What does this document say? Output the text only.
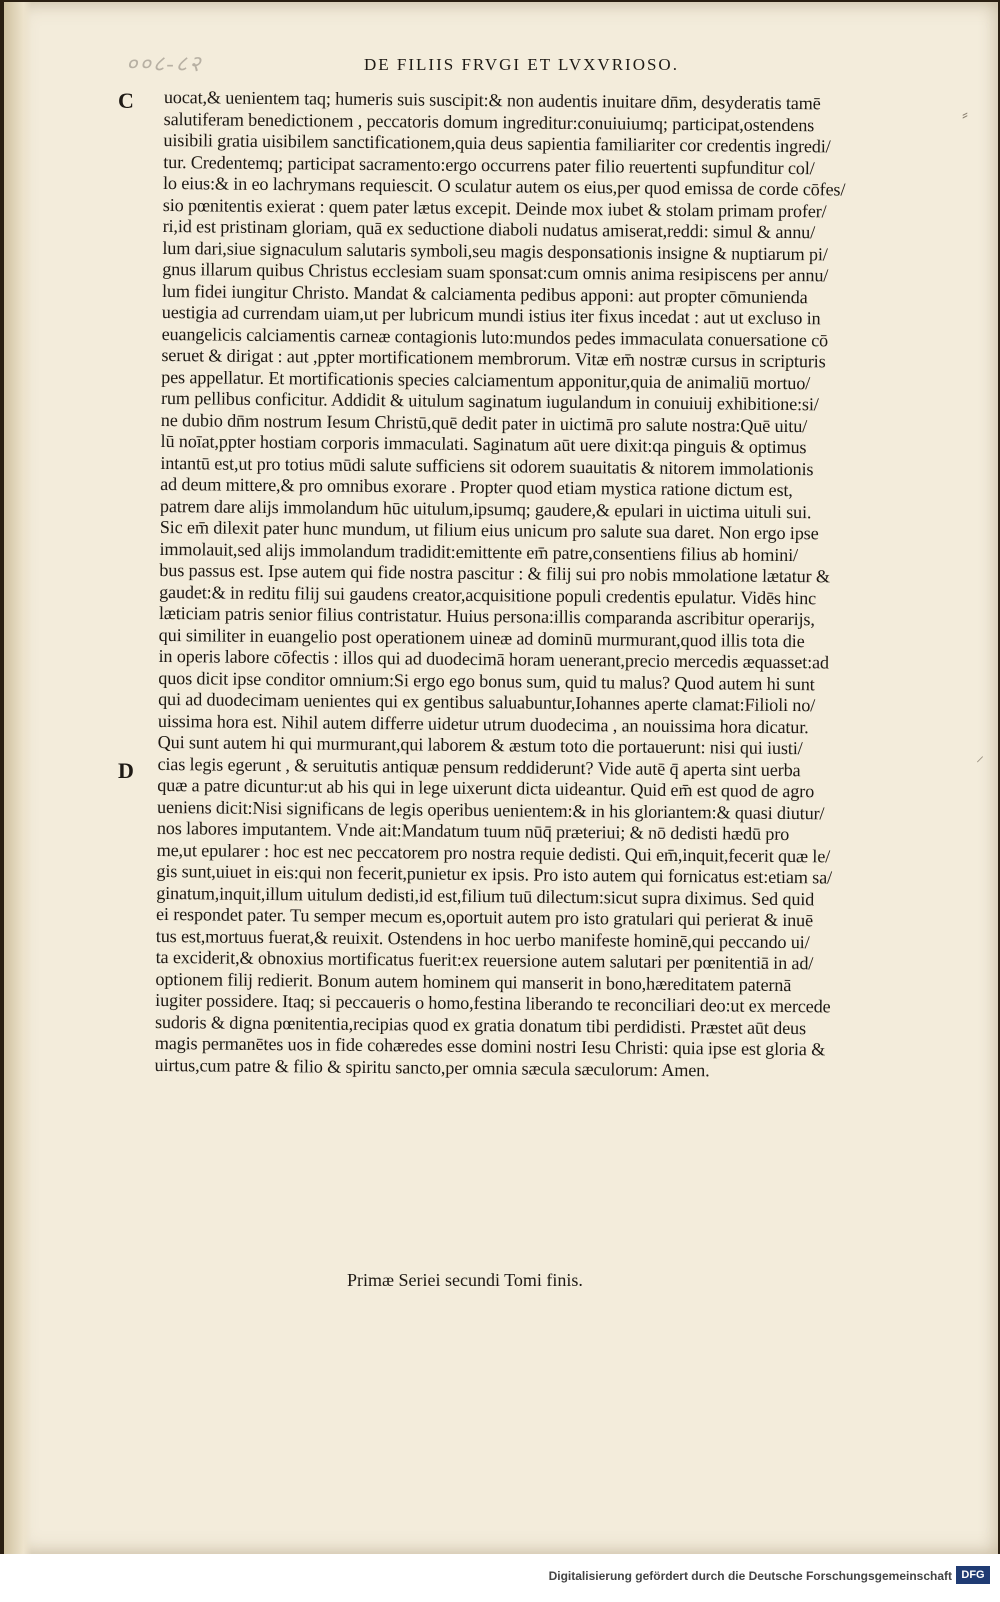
००८-८२	DE FILIIS FRVGI ET LVXVRIOSO.
C
D
⸗
⸝
uocat,& uenientem taq; humeris suis suscipit:& non audentis inuitare dn̄m, desyderatis tamē
salutiferam benedictionem , peccatoris domum ingreditur:conuiuiumq; participat,ostendens
uisibili gratia uisibilem sanctificationem,quia deus sapientia familiariter cor credentis ingredi/
tur. Credentemq; participat sacramento:ergo occurrens pater filio reuertenti supfunditur col/
lo eius:& in eo lachrymans requiescit. O sculatur autem os eius,per quod emissa de corde cōfes/
sio pœnitentis exierat : quem pater lætus excepit. Deinde mox iubet & stolam primam profer/
ri,id est pristinam gloriam, quā ex seductione diaboli nudatus amiserat,reddi: simul & annu/
lum dari,siue signaculum salutaris symboli,seu magis desponsationis insigne & nuptiarum pi/
gnus illarum quibus Christus ecclesiam suam sponsat:cum omnis anima resipiscens per annu/
lum fidei iungitur Christo. Mandat & calciamenta pedibus apponi: aut propter cōmunienda
uestigia ad currendam uiam,ut per lubricum mundi istius iter fixus incedat : aut ut excluso in
euangelicis calciamentis carneæ contagionis luto:mundos pedes immaculata conuersatione cō
seruet & dirigat : aut ,ppter mortificationem membrorum. Vitæ em̄ nostræ cursus in scripturis
pes appellatur. Et mortificationis species calciamentum apponitur,quia de animaliū mortuo/
rum pellibus conficitur. Addidit & uitulum saginatum iugulandum in conuiuij exhibitione:si/
ne dubio dn̄m nostrum Iesum Christū,quē dedit pater in uictimā pro salute nostra:Quē uitu/
lū noīat,ppter hostiam corporis immaculati. Saginatum aūt uere dixit:qa pinguis & optimus
intantū est,ut pro totius mūdi salute sufficiens sit odorem suauitatis & nitorem immolationis
ad deum mittere,& pro omnibus exorare . Propter quod etiam mystica ratione dictum est,
patrem dare alijs immolandum hūc uitulum,ipsumq; gaudere,& epulari in uictima uituli sui.
Sic em̄ dilexit pater hunc mundum, ut filium eius unicum pro salute sua daret. Non ergo ipse
immolauit,sed alijs immolandum tradidit:emittente em̄ patre,consentiens filius ab homini/
bus passus est. Ipse autem qui fide nostra pascitur : & filij sui pro nobis mmolatione lætatur &
gaudet:& in reditu filij sui gaudens creator,acquisitione populi credentis epulatur. Vidēs hinc
læticiam patris senior filius contristatur. Huius persona:illis comparanda ascribitur operarijs,
qui similiter in euangelio post operationem uineæ ad dominū murmurant,quod illis tota die
in operis labore cōfectis : illos qui ad duodecimā horam uenerant,precio mercedis æquasset:ad
quos dicit ipse conditor omnium:Si ergo ego bonus sum, quid tu malus? Quod autem hi sunt
qui ad duodecimam uenientes qui ex gentibus saluabuntur,Iohannes aperte clamat:Filioli no/
uissima hora est. Nihil autem differre uidetur utrum duodecima , an nouissima hora dicatur.
Qui sunt autem hi qui murmurant,qui laborem & æstum toto die portauerunt: nisi qui iusti/
cias legis egerunt , & seruitutis antiquæ pensum reddiderunt? Vide autē q̄ aperta sint uerba
quæ a patre dicuntur:ut ab his qui in lege uixerunt dicta uideantur. Quid em̄ est quod de agro
ueniens dicit:Nisi significans de legis operibus uenientem:& in his gloriantem:& quasi diutur/
nos labores imputantem. Vnde ait:Mandatum tuum nūq̄ præteriui; & nō dedisti hædū pro
me,ut epularer : hoc est nec peccatorem pro nostra requie dedisti. Qui em̄,inquit,fecerit quæ le/
gis sunt,uiuet in eis:qui non fecerit,punietur ex ipsis. Pro isto autem qui fornicatus est:etiam sa/
ginatum,inquit,illum uitulum dedisti,id est,filium tuū dilectum:sicut supra diximus. Sed quid
ei respondet pater. Tu semper mecum es,oportuit autem pro isto gratulari qui perierat & inuē
tus est,mortuus fuerat,& reuixit. Ostendens in hoc uerbo manifeste hominē,qui peccando ui/
ta exciderit,& obnoxius mortificatus fuerit:ex reuersione autem salutari per pœnitentiā in ad/
optionem filij redierit. Bonum autem hominem qui manserit in bono,hæreditatem paternā
iugiter possidere. Itaq; si peccaueris o homo,festina liberando te reconciliari deo:ut ex mercede
sudoris & digna pœnitentia,recipias quod ex gratia donatum tibi perdidisti. Præstet aūt deus
magis permanētes uos in fide cohæredes esse domini nostri Iesu Christi: quia ipse est gloria &
uirtus,cum patre & filio & spiritu sancto,per omnia sæcula sæculorum: Amen.
Primæ Seriei secundi Tomi finis.
Digitalisierung gefördert durch die Deutsche Forschungsgemeinschaft DFG
